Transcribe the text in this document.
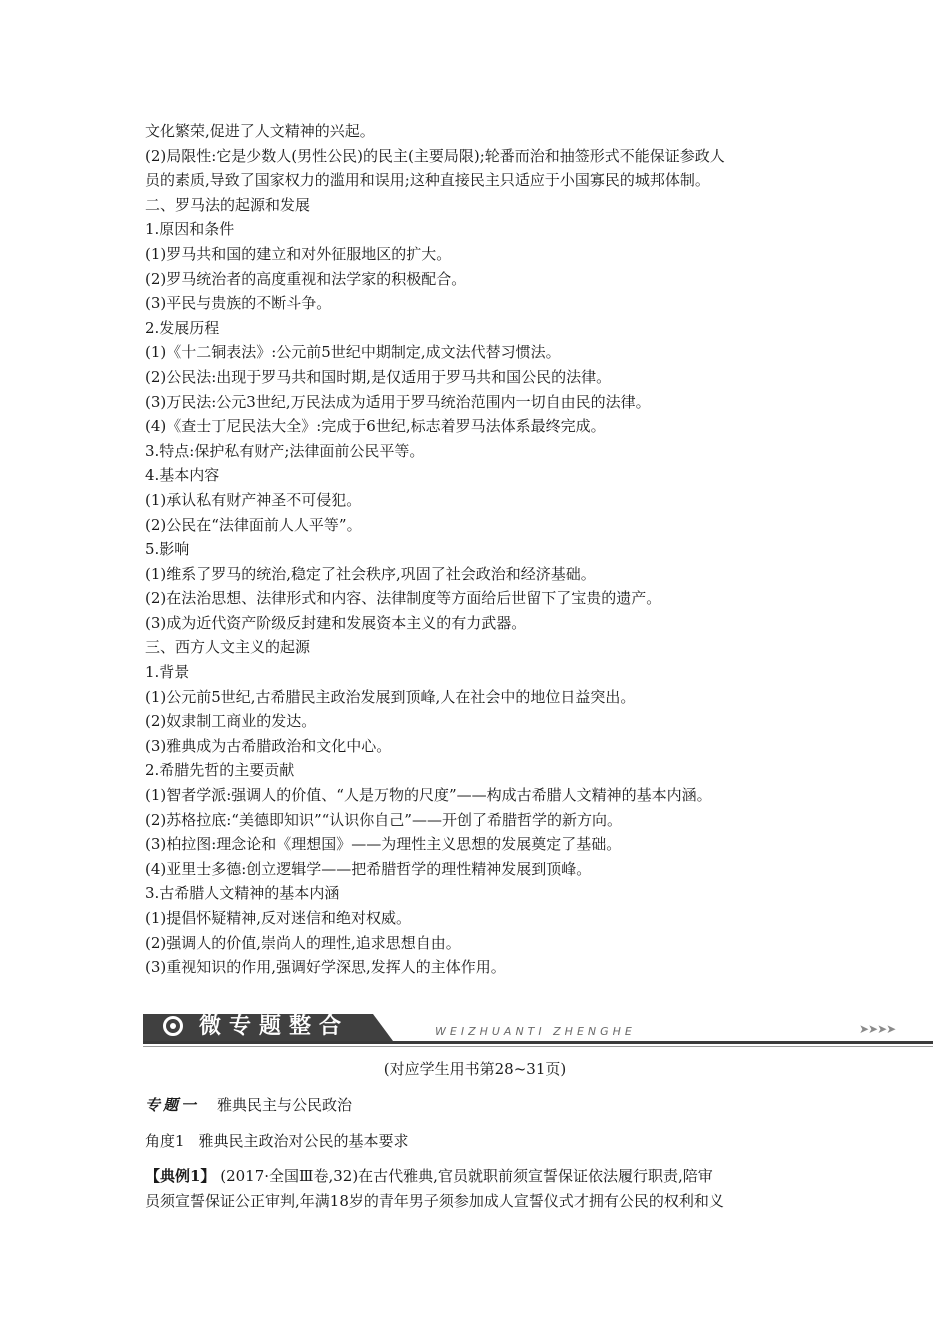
文化繁荣,促进了人文精神的兴起。
(2)局限性:它是少数人(男性公民)的民主(主要局限);轮番而治和抽签形式不能保证参政人
员的素质,导致了国家权力的滥用和误用;这种直接民主只适应于小国寡民的城邦体制。
二、罗马法的起源和发展
1.原因和条件
(1)罗马共和国的建立和对外征服地区的扩大。
(2)罗马统治者的高度重视和法学家的积极配合。
(3)平民与贵族的不断斗争。
2.发展历程
(1)《十二铜表法》:公元前5世纪中期制定,成文法代替习惯法。
(2)公民法:出现于罗马共和国时期,是仅适用于罗马共和国公民的法律。
(3)万民法:公元3世纪,万民法成为适用于罗马统治范围内一切自由民的法律。
(4)《查士丁尼民法大全》:完成于6世纪,标志着罗马法体系最终完成。
3.特点:保护私有财产;法律面前公民平等。
4.基本内容
(1)承认私有财产神圣不可侵犯。
(2)公民在“法律面前人人平等”。
5.影响
(1)维系了罗马的统治,稳定了社会秩序,巩固了社会政治和经济基础。
(2)在法治思想、法律形式和内容、法律制度等方面给后世留下了宝贵的遗产。
(3)成为近代资产阶级反封建和发展资本主义的有力武器。
三、西方人文主义的起源
1.背景
(1)公元前5世纪,古希腊民主政治发展到顶峰,人在社会中的地位日益突出。
(2)奴隶制工商业的发达。
(3)雅典成为古希腊政治和文化中心。
2.希腊先哲的主要贡献
(1)智者学派:强调人的价值、“人是万物的尺度”——构成古希腊人文精神的基本内涵。
(2)苏格拉底:“美德即知识”“认识你自己”——开创了希腊哲学的新方向。
(3)柏拉图:理念论和《理想国》——为理性主义思想的发展奠定了基础。
(4)亚里士多德:创立逻辑学——把希腊哲学的理性精神发展到顶峰。
3.古希腊人文精神的基本内涵
(1)提倡怀疑精神,反对迷信和绝对权威。
(2)强调人的价值,崇尚人的理性,追求思想自由。
(3)重视知识的作用,强调好学深思,发挥人的主体作用。
微专题整合	WEIZHUANTI ZHENGHE	➤➤➤➤
(对应学生用书第28~31页)
专题一 雅典民主与公民政治
角度1 雅典民主政治对公民的基本要求
【典例1】 (2017·全国Ⅲ卷,32)在古代雅典,官员就职前须宣誓保证依法履行职责,陪审
员须宣誓保证公正审判,年满18岁的青年男子须参加成人宣誓仪式才拥有公民的权利和义
